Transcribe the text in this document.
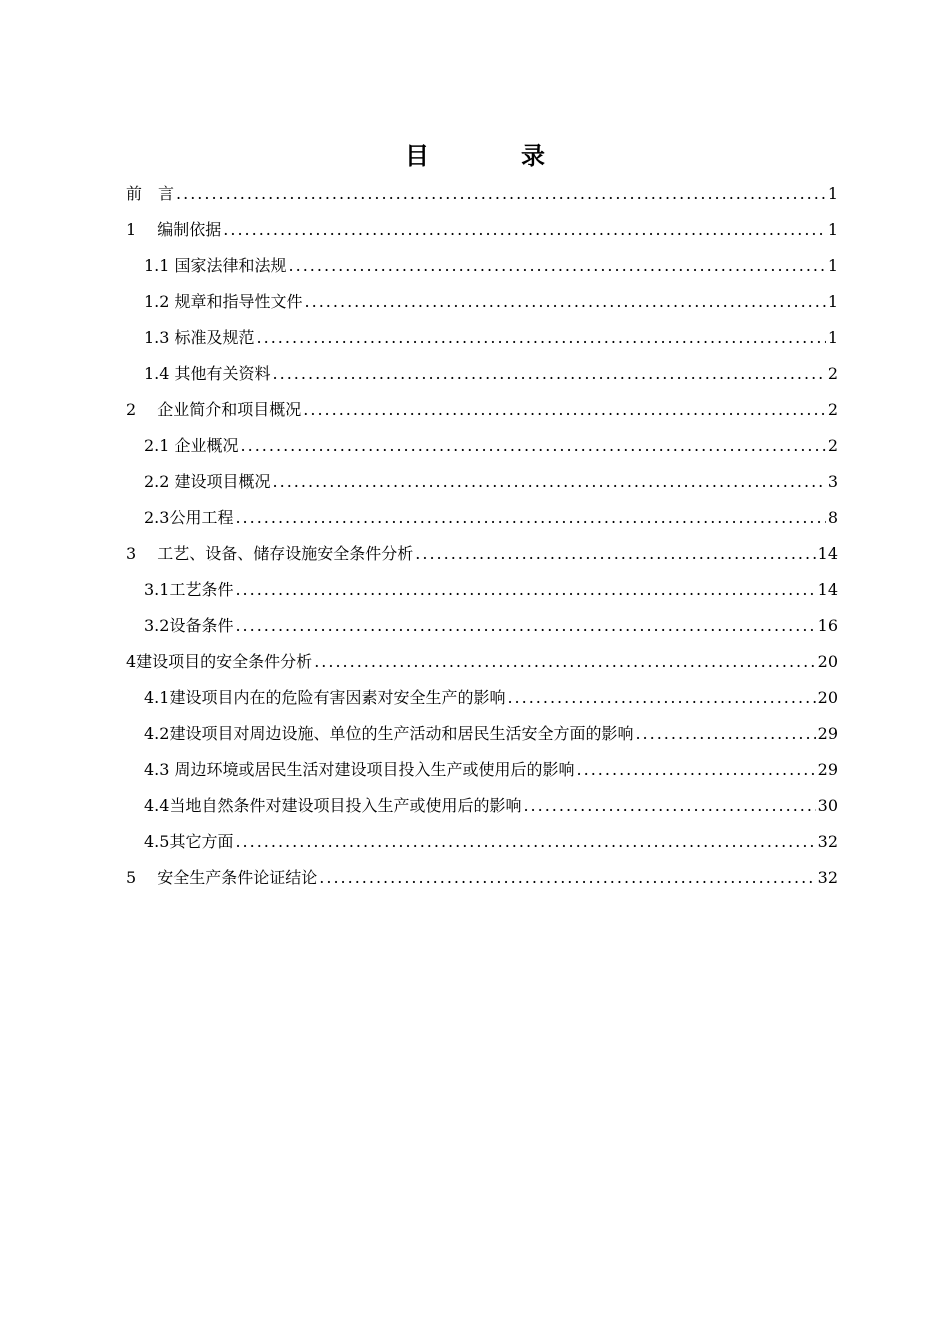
目　录
前　言 .....	1
1　 编制依据 .....	1
1.1 国家法律和法规 .....	1
1.2 规章和指导性文件 .....	1
1.3 标准及规范 .....	1
1.4 其他有关资料 .....	2
2　 企业简介和项目概况 .....	2
2.1 企业概况 .....	2
2.2 建设项目概况 .....	3
2.3公用工程 .....	8
3　 工艺、设备、储存设施安全条件分析 .....	14
3.1工艺条件 .....	14
3.2设备条件 .....	16
4建设项目的安全条件分析 .....	20
4.1建设项目内在的危险有害因素对安全生产的影响 .....	20
4.2建设项目对周边设施、单位的生产活动和居民生活安全方面的影响 .....	29
4.3 周边环境或居民生活对建设项目投入生产或使用后的影响 .....	29
4.4当地自然条件对建设项目投入生产或使用后的影响 .....	30
4.5其它方面 .....	32
5　 安全生产条件论证结论 .....	32
